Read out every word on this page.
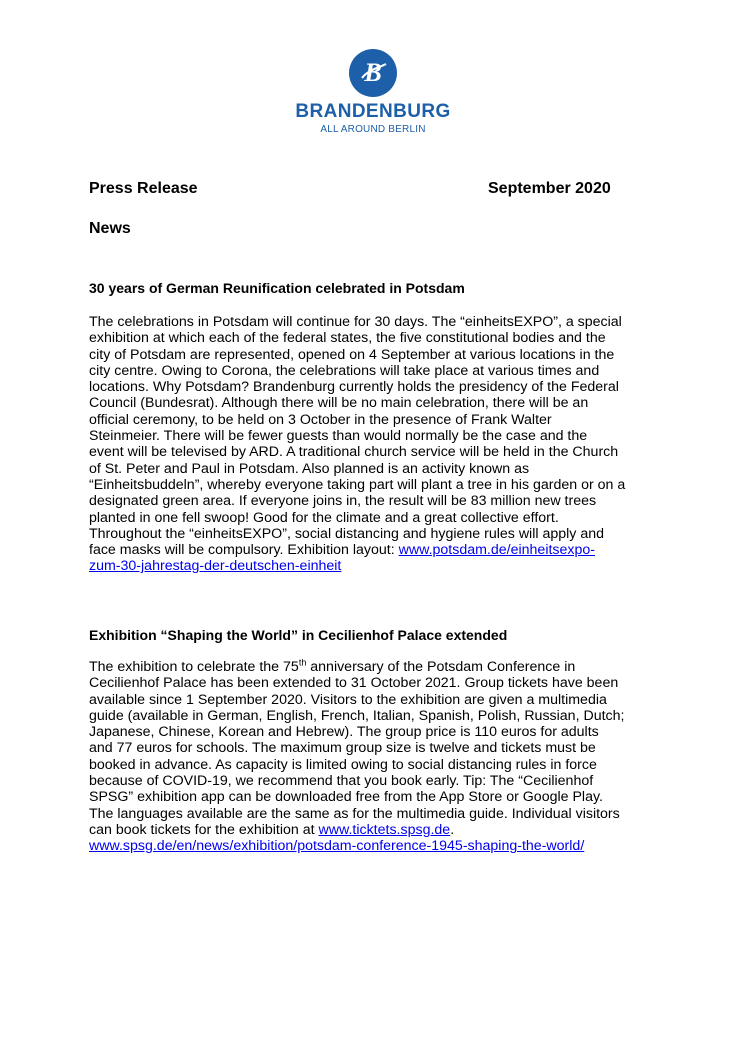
B
BRANDENBURG
ALL AROUND BERLIN
Press Release	September 2020
News
30 years of German Reunification celebrated in Potsdam

The celebrations in Potsdam will continue for 30 days. The “einheitsEXPO”, a special
exhibition at which each of the federal states, the five constitutional bodies and the
city of Potsdam are represented, opened on 4 September at various locations in the
city centre. Owing to Corona, the celebrations will take place at various times and
locations. Why Potsdam? Brandenburg currently holds the presidency of the Federal
Council (Bundesrat). Although there will be no main celebration, there will be an
official ceremony, to be held on 3 October in the presence of Frank Walter
Steinmeier. There will be fewer guests than would normally be the case and the
event will be televised by ARD. A traditional church service will be held in the Church
of St. Peter and Paul in Potsdam. Also planned is an activity known as
“Einheitsbuddeln”, whereby everyone taking part will plant a tree in his garden or on a
designated green area. If everyone joins in, the result will be 83 million new trees
planted in one fell swoop! Good for the climate and a great collective effort.
Throughout the “einheitsEXPO”, social distancing and hygiene rules will apply and
face masks will be compulsory. Exhibition layout: www.potsdam.de/einheitsexpo-
zum-30-jahrestag-der-deutschen-einheit

Exhibition “Shaping the World” in Cecilienhof Palace extended

The exhibition to celebrate the 75th anniversary of the Potsdam Conference in
Cecilienhof Palace has been extended to 31 October 2021. Group tickets have been
available since 1 September 2020. Visitors to the exhibition are given a multimedia
guide (available in German, English, French, Italian, Spanish, Polish, Russian, Dutch;
Japanese, Chinese, Korean and Hebrew). The group price is 110 euros for adults
and 77 euros for schools. The maximum group size is twelve and tickets must be
booked in advance. As capacity is limited owing to social distancing rules in force
because of COVID-19, we recommend that you book early. Tip: The “Cecilienhof
SPSG” exhibition app can be downloaded free from the App Store or Google Play.
The languages available are the same as for the multimedia guide. Individual visitors
can book tickets for the exhibition at www.ticktets.spsg.de.
www.spsg.de/en/news/exhibition/potsdam-conference-1945-shaping-the-world/
